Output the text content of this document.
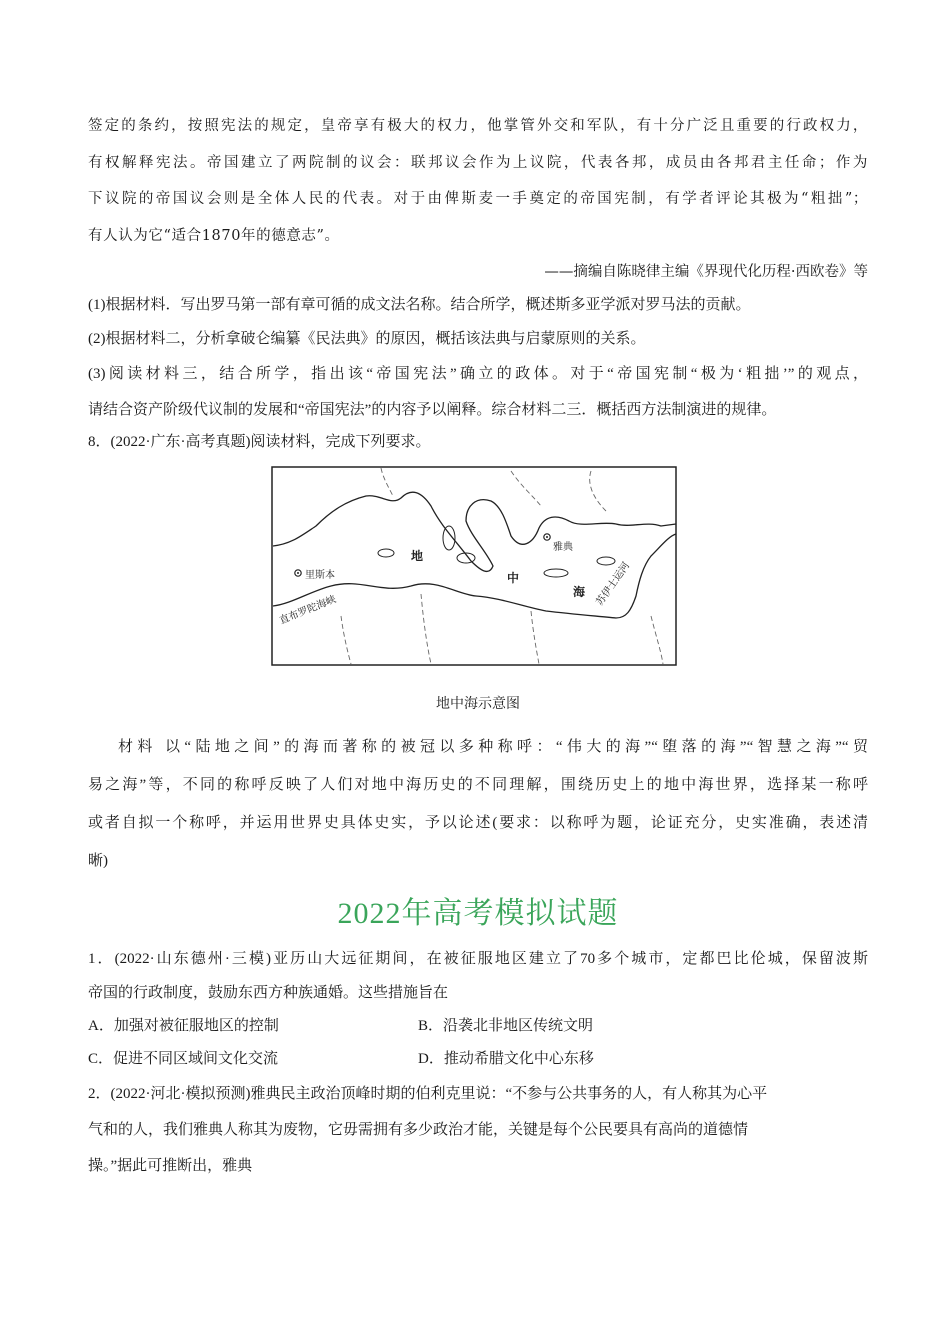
签定的条约，按照宪法的规定，皇帝享有极大的权力，他掌管外交和军队，有十分广泛且重要的行政权力，

有权解释宪法。帝国建立了两院制的议会：联邦议会作为上议院，代表各邦，成员由各邦君主任命；作为

下议院的帝国议会则是全体人民的代表。对于由俾斯麦一手奠定的帝国宪制，有学者评论其极为“粗拙”；

有人认为它“适合1870年的德意志”。

——摘编自陈晓律主编《界现代化历程·西欧卷》等

(1)根据材料．写出罗马第一部有章可循的成文法名称。结合所学，概述斯多亚学派对罗马法的贡献。

(2)根据材料二，分析拿破仑编纂《民法典》的原因，概括该法典与启蒙原则的关系。

(3)阅读材料三，结合所学，指出该“帝国宪法”确立的政体。对于“帝国宪制“极为‘粗拙’”的观点，

请结合资产阶级代议制的发展和“帝国宪法”的内容予以阐释。综合材料二三．概括西方法制演进的规律。

8．(2022·广东·高考真题)阅读材料，完成下列要求。

里斯本
直布罗陀海峡
地
中
海
雅典
苏伊士运河

地中海示意图

材料 以“陆地之间”的海而著称的被冠以多种称呼：“伟大的海”“堕落的海”“智慧之海”“贸

易之海”等，不同的称呼反映了人们对地中海历史的不同理解，围绕历史上的地中海世界，选择某一称呼

或者自拟一个称呼，并运用世界史具体史实，予以论述(要求：以称呼为题，论证充分，史实准确，表述清

晰)

2022年高考模拟试题

1．(2022·山东德州·三模)亚历山大远征期间，在被征服地区建立了70多个城市，定都巴比伦城，保留波斯

帝国的行政制度，鼓励东西方种族通婚。这些措施旨在

A．加强对被征服地区的控制	B．沿袭北非地区传统文明
C．促进不同区域间文化交流	D．推动希腊文化中心东移

2．(2022·河北·模拟预测)雅典民主政治顶峰时期的伯利克里说：“不参与公共事务的人，有人称其为心平

气和的人，我们雅典人称其为废物，它毋需拥有多少政治才能，关键是每个公民要具有高尚的道德情

操。”据此可推断出，雅典
